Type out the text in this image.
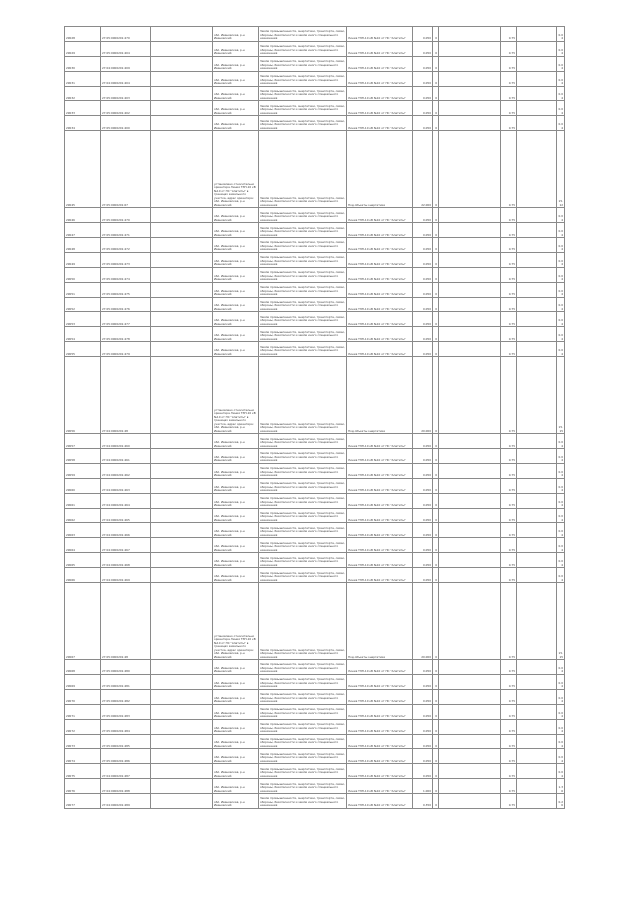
29028	27:05:0000201:470		обл. Ивановская, р-н Ивановский	Земли промышленности, энергетики, транспорта, связи, обороны, безопасности и земли иного специального назначения	Линия ТЭП-10 кВ №10 от ПС "Апатиты"	0.050	0		0.75		0.04
29029	27:05:0000201:404		обл. Ивановская, р-н Ивановский	Земли промышленности, энергетики, транспорта, связи, обороны, безопасности и земли иного специального назначения	Линия ТЭП-10 кВ №10 от ПС "Апатиты"	0.050	0		0.75		0.04
29030	27:04:0000201:409		обл. Ивановская, р-н Ивановский	Земли промышленности, энергетики, транспорта, связи, обороны, безопасности и земли иного специального назначения	Линия ТЭП-10 кВ №10 от ПС "Апатиты"	0.050	0		0.75		0.04
29031	27:04:0000201:404		обл. Ивановская, р-н Ивановский	Земли промышленности, энергетики, транспорта, связи, обороны, безопасности и земли иного специального назначения	Линия ТЭП-10 кВ №10 от ПС "Апатиты"	0.050	0		0.75		0.04
29032	27:05:0000201:403		обл. Ивановская, р-н Ивановский	Земли промышленности, энергетики, транспорта, связи, обороны, безопасности и земли иного специального назначения	Линия ТЭП-10 кВ №10 от ПС "Апатиты"	0.050	0		0.75		0.04
29033	27:05:0000201:402		обл. Ивановская, р-н Ивановский	Земли промышленности, энергетики, транспорта, связи, обороны, безопасности и земли иного специального назначения	Линия ТЭП-10 кВ №10 от ПС "Апатиты"	0.050	0		0.75		0.04
29034	27:05:0000201:400		обл. Ивановская, р-н Ивановский	Земли промышленности, энергетики, транспорта, связи, обороны, безопасности и земли иного специального назначения	Линия ТЭП-10 кВ №10 от ПС "Апатиты"	0.050	0		0.75		0.04
29045	27:05:0000201:67		установлено относительно ориентира Линия ТЭП-10 кВ №10 от ПС "Апатиты" в границах земельного участка, адрес ориентира: обл. Ивановская, р-н Ивановский	Земли промышленности, энергетики, транспорта, связи, обороны, безопасности и земли иного специального назначения	Под объекты энергетики	22.000	0		0.75		15.12
29046	27:05:0000201:470		обл. Ивановская, р-н Ивановский	Земли промышленности, энергетики, транспорта, связи, обороны, безопасности и земли иного специального назначения	Линия ТЭП-10 кВ №10 от ПС "Апатиты"	0.050	0		0.75		0.04
29047	27:05:0000201:471		обл. Ивановская, р-н Ивановский	Земли промышленности, энергетики, транспорта, связи, обороны, безопасности и земли иного специального назначения	Линия ТЭП-10 кВ №10 от ПС "Апатиты"	0.050	0		0.75		0.04
29048	27:05:0000201:472		обл. Ивановская, р-н Ивановский	Земли промышленности, энергетики, транспорта, связи, обороны, безопасности и земли иного специального назначения	Линия ТЭП-10 кВ №10 от ПС "Апатиты"	0.050	0		0.75		0.04
29049	27:05:0000201:473		обл. Ивановская, р-н Ивановский	Земли промышленности, энергетики, транспорта, связи, обороны, безопасности и земли иного специального назначения	Линия ТЭП-10 кВ №10 от ПС "Апатиты"	0.050	0		0.75		0.04
29050	27:05:0000201:474		обл. Ивановская, р-н Ивановский	Земли промышленности, энергетики, транспорта, связи, обороны, безопасности и земли иного специального назначения	Линия ТЭП-10 кВ №10 от ПС "Апатиты"	0.050	0		0.75		0.04
29051	27:05:0000201:475		обл. Ивановская, р-н Ивановский	Земли промышленности, энергетики, транспорта, связи, обороны, безопасности и земли иного специального назначения	Линия ТЭП-10 кВ №10 от ПС "Апатиты"	0.050	0		0.75		0.04
29052	27:05:0000201:476		обл. Ивановская, р-н Ивановский	Земли промышленности, энергетики, транспорта, связи, обороны, безопасности и земли иного специального назначения	Линия ТЭП-10 кВ №10 от ПС "Апатиты"	0.050	0		0.75		0.04
29053	27:05:0000201:477		обл. Ивановская, р-н Ивановский	Земли промышленности, энергетики, транспорта, связи, обороны, безопасности и земли иного специального назначения	Линия ТЭП-10 кВ №10 от ПС "Апатиты"	0.050	0		0.75		0.04
29054	27:05:0000201:478		обл. Ивановская, р-н Ивановский	Земли промышленности, энергетики, транспорта, связи, обороны, безопасности и земли иного специального назначения	Линия ТЭП-10 кВ №10 от ПС "Апатиты"	0.050	0		0.75		0.04
29055	27:05:0000201:479		обл. Ивановская, р-н Ивановский	Земли промышленности, энергетики, транспорта, связи, обороны, безопасности и земли иного специального назначения	Линия ТЭП-10 кВ №10 от ПС "Апатиты"	0.050	0		0.75		0.04
29056	27:04:0000201:48		установлено относительно ориентира Линия ТЭП-10 кВ №10 от ПС "Апатиты" в границах земельного участка, адрес ориентира: обл. Ивановская, р-н Ивановский	Земли промышленности, энергетики, транспорта, связи, обороны, безопасности и земли иного специального назначения	Под объекты энергетики	20.000	0		0.75		15.15
29057	27:04:0000201:460		обл. Ивановская, р-н Ивановский	Земли промышленности, энергетики, транспорта, связи, обороны, безопасности и земли иного специального назначения	Линия ТЭП-10 кВ №10 от ПС "Апатиты"	0.050	0		0.75		0.04
29058	27:04:0000201:461		обл. Ивановская, р-н Ивановский	Земли промышленности, энергетики, транспорта, связи, обороны, безопасности и земли иного специального назначения	Линия ТЭП-10 кВ №10 от ПС "Апатиты"	0.050	0		0.75		0.04
29059	27:04:0000201:462		обл. Ивановская, р-н Ивановский	Земли промышленности, энергетики, транспорта, связи, обороны, безопасности и земли иного специального назначения	Линия ТЭП-10 кВ №10 от ПС "Апатиты"	0.050	0		0.75		0.04
29060	27:04:0000201:463		обл. Ивановская, р-н Ивановский	Земли промышленности, энергетики, транспорта, связи, обороны, безопасности и земли иного специального назначения	Линия ТЭП-10 кВ №10 от ПС "Апатиты"	0.050	0		0.75		0.04
29061	27:04:0000201:464		обл. Ивановская, р-н Ивановский	Земли промышленности, энергетики, транспорта, связи, обороны, безопасности и земли иного специального назначения	Линия ТЭП-10 кВ №10 от ПС "Апатиты"	0.050	0		0.75		0.04
29062	27:04:0000201:465		обл. Ивановская, р-н Ивановский	Земли промышленности, энергетики, транспорта, связи, обороны, безопасности и земли иного специального назначения	Линия ТЭП-10 кВ №10 от ПС "Апатиты"	0.050	0		0.75		0.04
29063	27:04:0000201:466		обл. Ивановская, р-н Ивановский	Земли промышленности, энергетики, транспорта, связи, обороны, безопасности и земли иного специального назначения	Линия ТЭП-10 кВ №10 от ПС "Апатиты"	0.050	0		0.75		0.04
29064	27:04:0000201:467		обл. Ивановская, р-н Ивановский	Земли промышленности, энергетики, транспорта, связи, обороны, безопасности и земли иного специального назначения	Линия ТЭП-10 кВ №10 от ПС "Апатиты"	0.050	0		0.75		0.04
29065	27:04:0000201:468		обл. Ивановская, р-н Ивановский	Земли промышленности, энергетики, транспорта, связи, обороны, безопасности и земли иного специального назначения	Линия ТЭП-10 кВ №10 от ПС "Апатиты"	0.050	0		0.75		0.04
29066	27:04:0000201:469		обл. Ивановская, р-н Ивановский	Земли промышленности, энергетики, транспорта, связи, обороны, безопасности и земли иного специального назначения	Линия ТЭП-10 кВ №10 от ПС "Апатиты"	0.050	0		0.75		0.04
29067	27:05:0000201:48		установлено относительно ориентира Линия ТЭП-10 кВ №10 от ПС "Апатиты" в границах земельного участка, адрес ориентира: обл. Ивановская, р-н Ивановский	Земли промышленности, энергетики, транспорта, связи, обороны, безопасности и земли иного специального назначения	Под объекты энергетики	20.000	0		0.75		15.15
29068	27:05:0000201:480		обл. Ивановская, р-н Ивановский	Земли промышленности, энергетики, транспорта, связи, обороны, безопасности и земли иного специального назначения	Линия ТЭП-10 кВ №10 от ПС "Апатиты"	0.050	0		0.75		0.04
29069	27:05:0000201:481		обл. Ивановская, р-н Ивановский	Земли промышленности, энергетики, транспорта, связи, обороны, безопасности и земли иного специального назначения	Линия ТЭП-10 кВ №10 от ПС "Апатиты"	0.050	0		0.75		0.04
29070	27:05:0000201:482		обл. Ивановская, р-н Ивановский	Земли промышленности, энергетики, транспорта, связи, обороны, безопасности и земли иного специального назначения	Линия ТЭП-10 кВ №10 от ПС "Апатиты"	0.050	0		0.75		0.04
29071	27:05:0000201:483		обл. Ивановская, р-н Ивановский	Земли промышленности, энергетики, транспорта, связи, обороны, безопасности и земли иного специального назначения	Линия ТЭП-10 кВ №10 от ПС "Апатиты"	0.050	0		0.75		0.04
29072	27:05:0000201:484		обл. Ивановская, р-н Ивановский	Земли промышленности, энергетики, транспорта, связи, обороны, безопасности и земли иного специального назначения	Линия ТЭП-10 кВ №10 от ПС "Апатиты"	0.050	0		0.75		0.04
29073	27:05:0000201:485		обл. Ивановская, р-н Ивановский	Земли промышленности, энергетики, транспорта, связи, обороны, безопасности и земли иного специального назначения	Линия ТЭП-10 кВ №10 от ПС "Апатиты"	0.050	0		0.75		0.04
29074	27:05:0000201:486		обл. Ивановская, р-н Ивановский	Земли промышленности, энергетики, транспорта, связи, обороны, безопасности и земли иного специального назначения	Линия ТЭП-10 кВ №10 от ПС "Апатиты"	0.050	0		0.75		0.04
29075	27:04:0000201:487		обл. Ивановская, р-н Ивановский	Земли промышленности, энергетики, транспорта, связи, обороны, безопасности и земли иного специального назначения	Линия ТЭП-10 кВ №10 от ПС "Апатиты"	0.050	0		0.75		0.04
29076	27:04:0000201:488		обл. Ивановская, р-н Ивановский	Земли промышленности, энергетики, транспорта, связи, обороны, безопасности и земли иного специального назначения	Линия ТЭП-10 кВ №10 от ПС "Апатиты"	1.000	0		0.75		1.36
29077	27:04:0000201:489		обл. Ивановская, р-н Ивановский	Земли промышленности, энергетики, транспорта, связи, обороны, безопасности и земли иного специального назначения	Линия ТЭП-10 кВ №10 от ПС "Апатиты"	0.350	0		0.75		0.26
